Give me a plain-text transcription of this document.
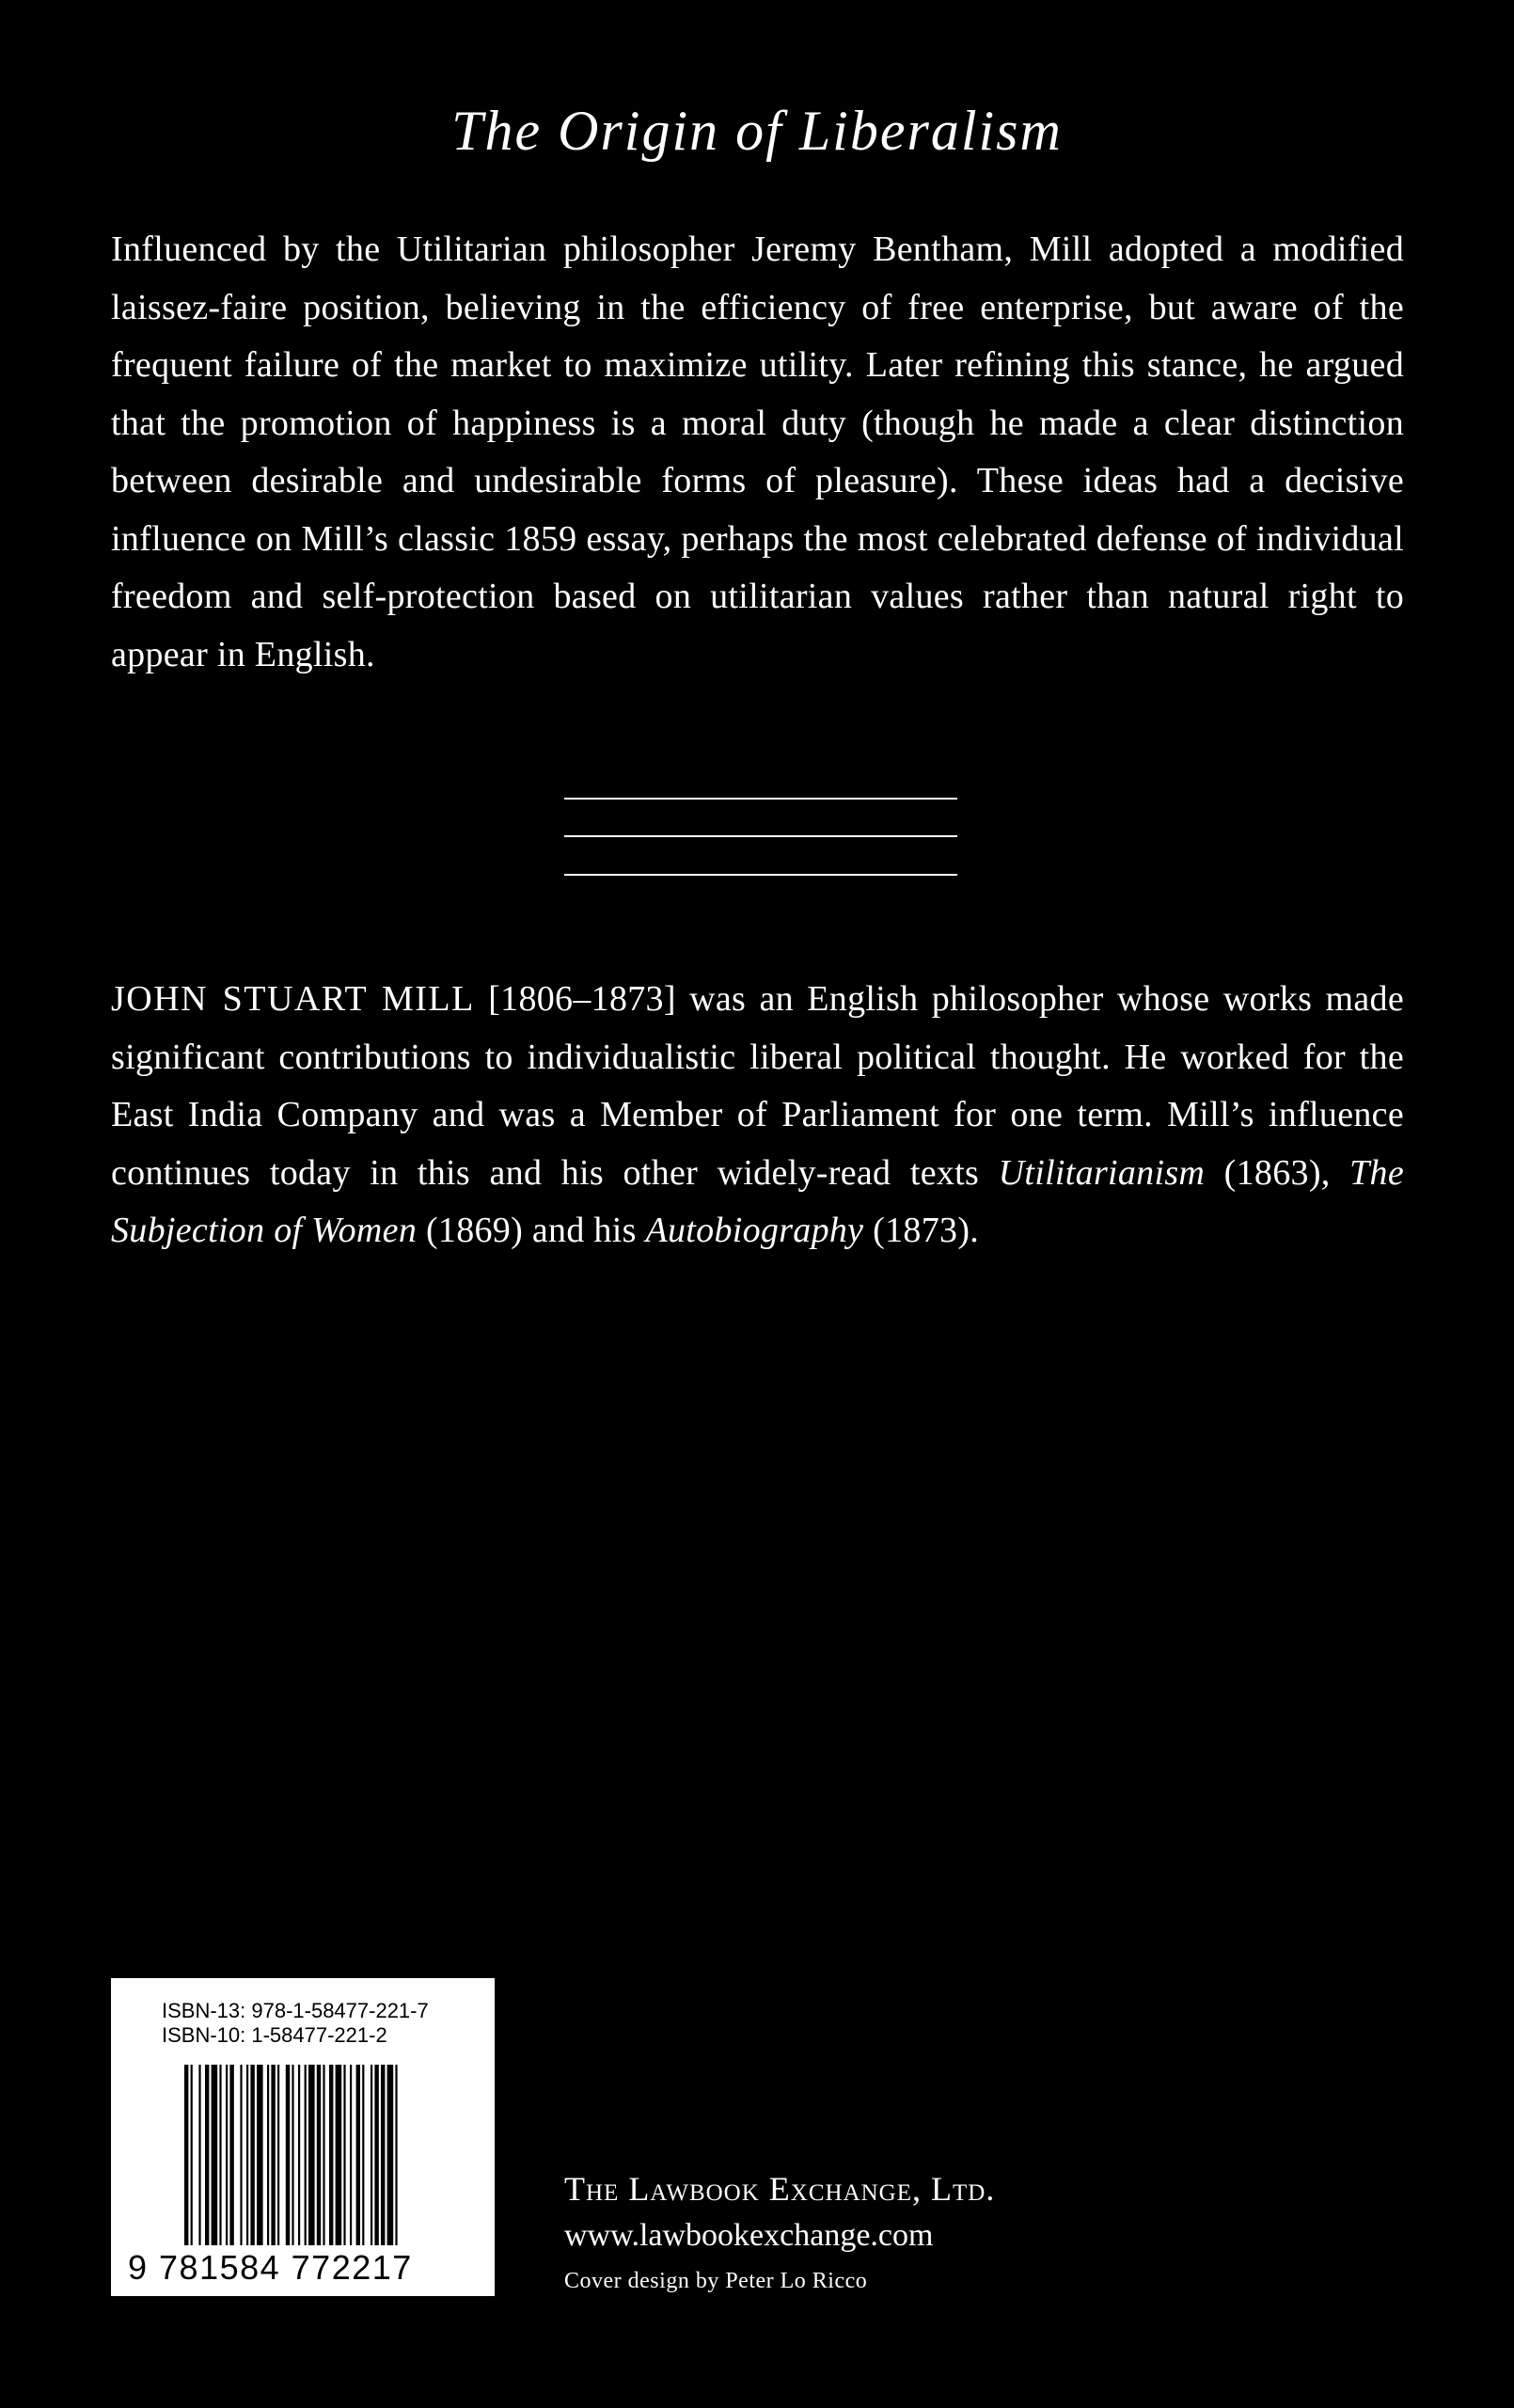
The Origin of Liberalism

Influenced by the Utilitarian philosopher Jeremy Bentham, Mill adopted a modified laissez-faire position, believing in the efficiency of free enterprise, but aware of the frequent failure of the market to maximize utility. Later refining this stance, he argued that the promotion of happiness is a moral duty (though he made a clear distinction between desirable and undesirable forms of pleasure). These ideas had a decisive influence on Mill’s classic 1859 essay, perhaps the most celebrated defense of individual freedom and self-protection based on utilitarian values rather than natural right to appear in English.

JOHN STUART MILL [1806–1873] was an English philosopher whose works made significant contributions to individualistic liberal political thought. He worked for the East India Company and was a Member of Parliament for one term. Mill’s influence continues today in this and his other widely-read texts Utilitarianism (1863), The Subjection of Women (1869) and his Autobiography (1873).

ISBN-13: 978-1-58477-221-7
ISBN-10: 1-58477-221-2
9 781584 772217
The Lawbook Exchange, Ltd.
www.lawbookexchange.com
Cover design by Peter Lo Ricco
